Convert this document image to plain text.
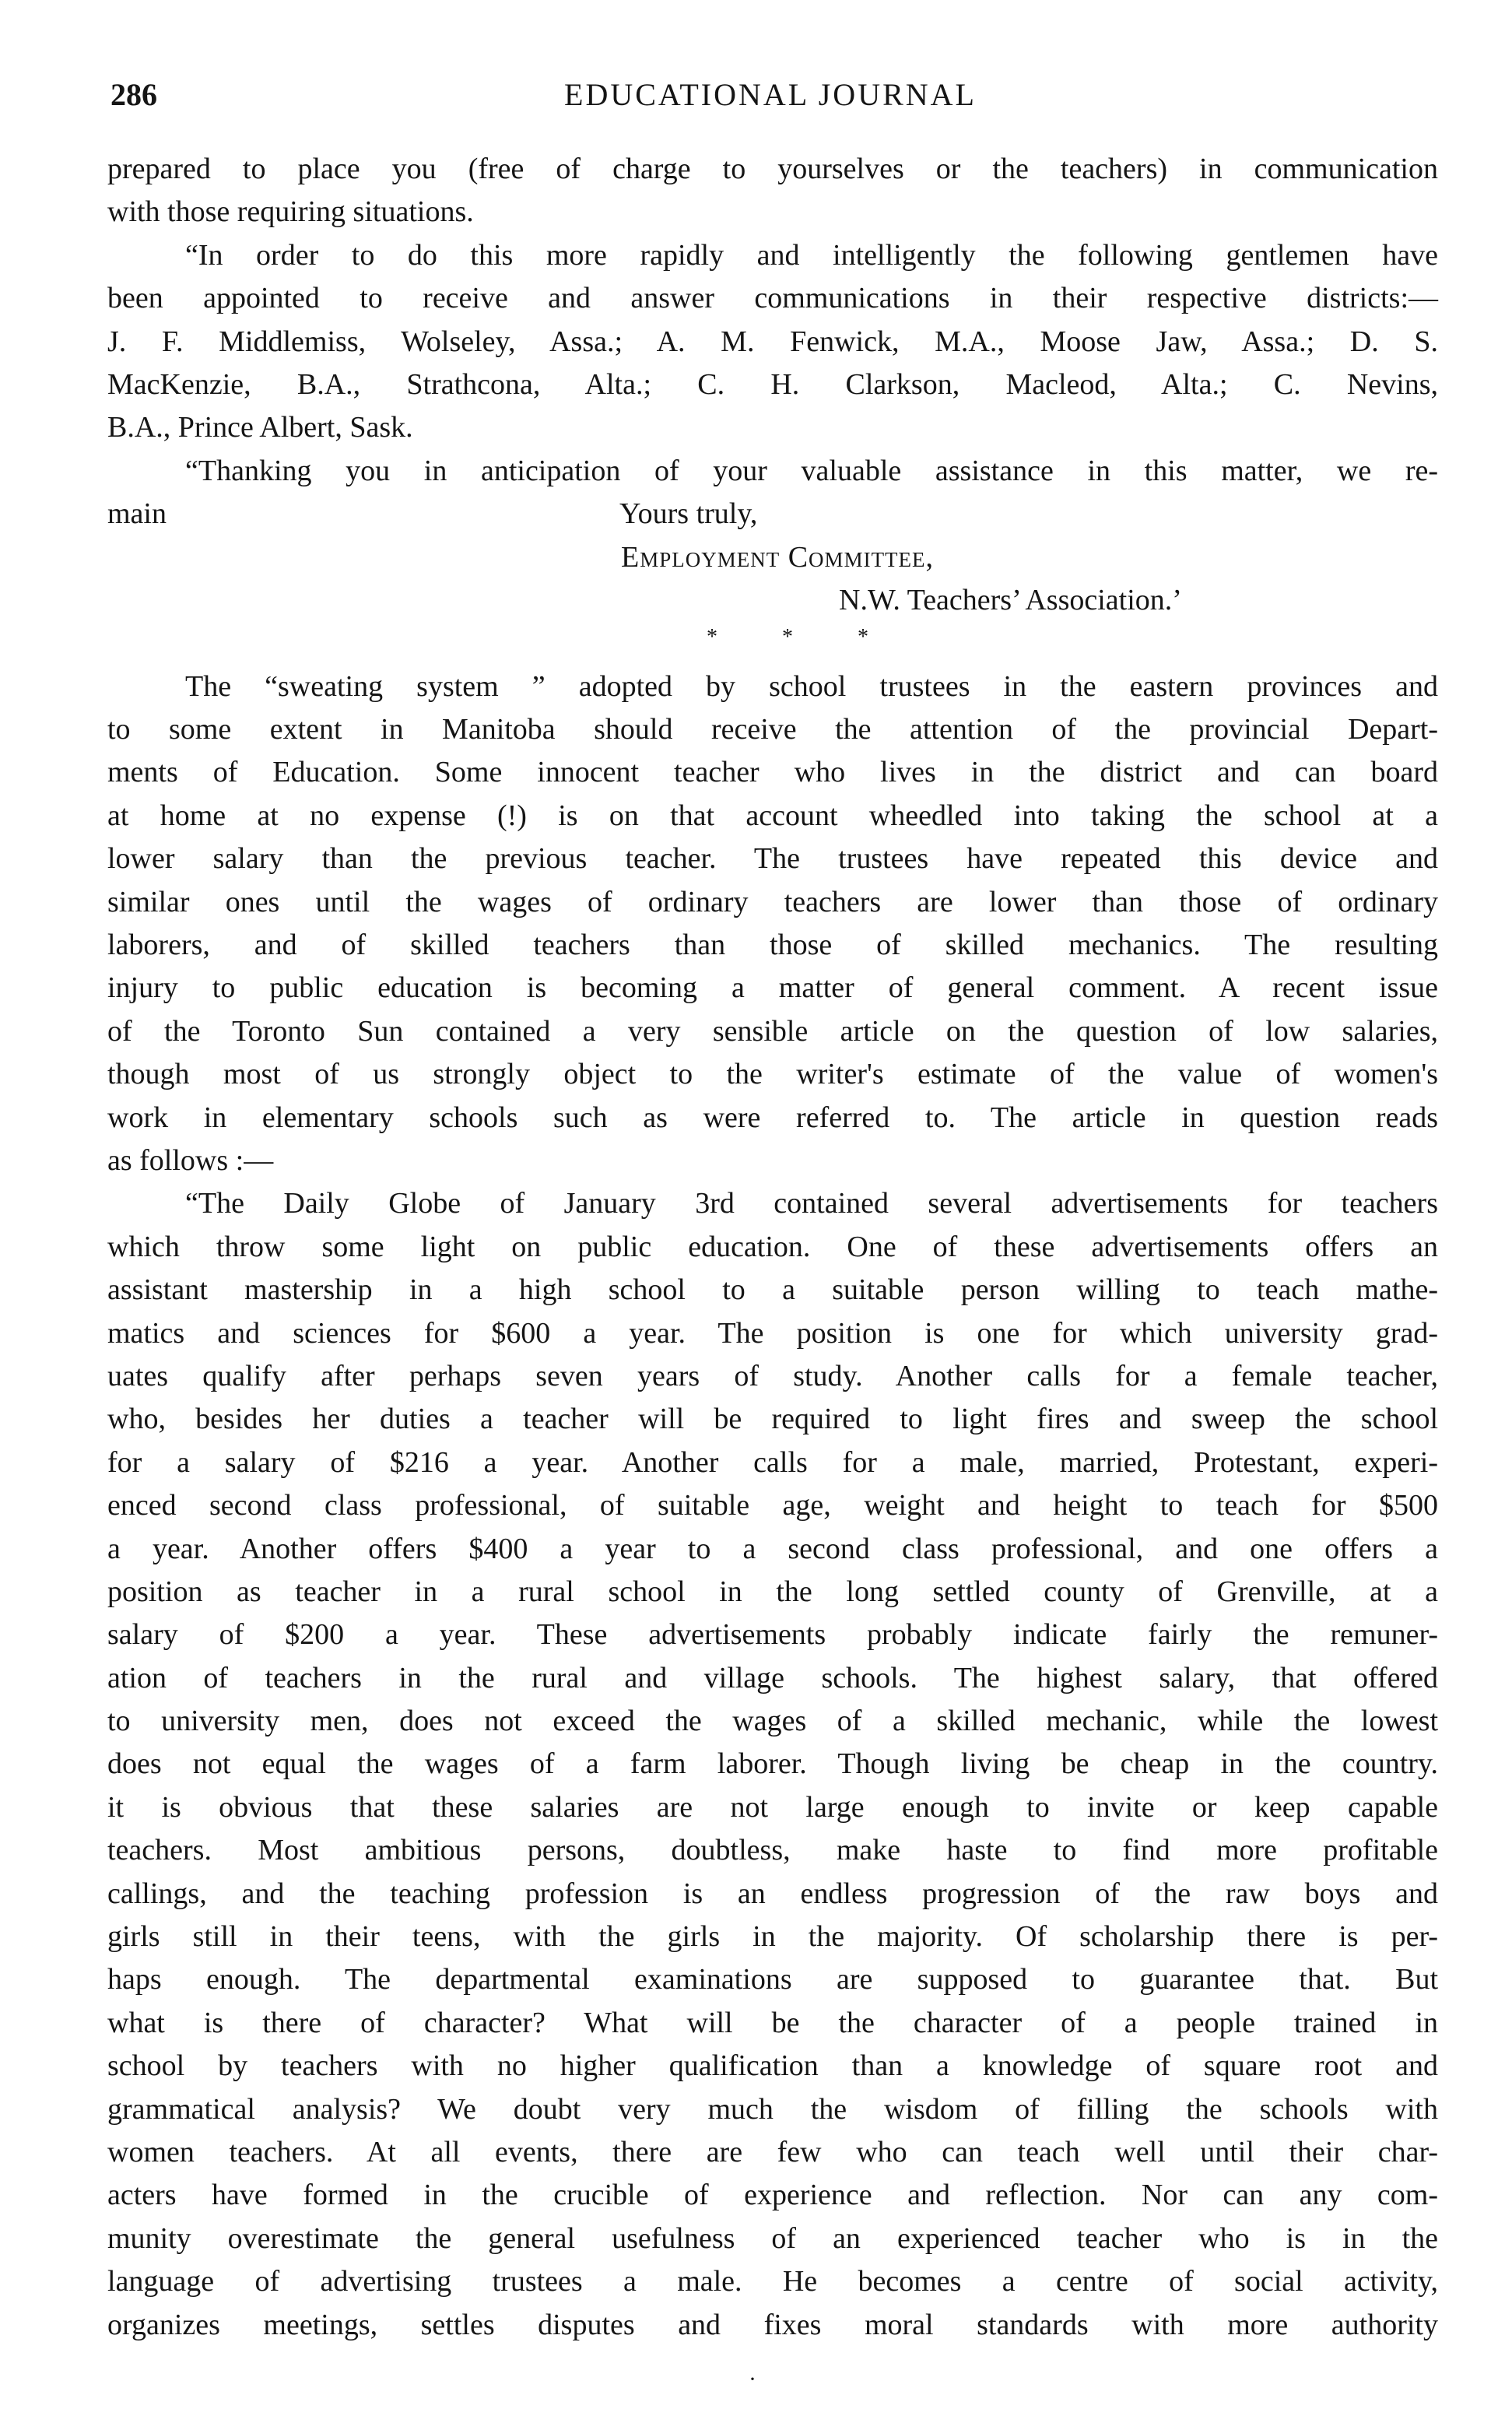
286	EDUCATIONAL JOURNAL
prepared to place you (free of charge to yourselves or the teachers) in communication
with those requiring situations.
“In order to do this more rapidly and intelligently the following gentlemen have
been appointed to receive and answer communications in their respective districts:—
J. F. Middlemiss, Wolseley, Assa.; A. M. Fenwick, M.A., Moose Jaw, Assa.; D. S.
MacKenzie, B.A., Strathcona, Alta.; C. H. Clarkson, Macleod, Alta.; C. Nevins,
B.A., Prince Albert, Sask.
“Thanking you in anticipation of your valuable assistance in this matter, we re-
main	Yours truly,
Employment Committee,
N.W. Teachers’ Association.’
* * *
The “sweating system ” adopted by school trustees in the eastern provinces and
to some extent in Manitoba should receive the attention of the provincial Depart-
ments of Education. Some innocent teacher who lives in the district and can board
at home at no expense (!) is on that account wheedled into taking the school at a
lower salary than the previous teacher. The trustees have repeated this device and
similar ones until the wages of ordinary teachers are lower than those of ordinary
laborers, and of skilled teachers than those of skilled mechanics. The resulting
injury to public education is becoming a matter of general comment. A recent issue
of the Toronto Sun contained a very sensible article on the question of low salaries,
though most of us strongly object to the writer's estimate of the value of women's
work in elementary schools such as were referred to. The article in question reads
as follows :—
“The Daily Globe of January 3rd contained several advertisements for teachers
which throw some light on public education. One of these advertisements offers an
assistant mastership in a high school to a suitable person willing to teach mathe-
matics and sciences for $600 a year. The position is one for which university grad-
uates qualify after perhaps seven years of study. Another calls for a female teacher,
who, besides her duties a teacher will be required to light fires and sweep the school
for a salary of $216 a year. Another calls for a male, married, Protestant, experi-
enced second class professional, of suitable age, weight and height to teach for $500
a year. Another offers $400 a year to a second class professional, and one offers a
position as teacher in a rural school in the long settled county of Grenville, at a
salary of $200 a year. These advertisements probably indicate fairly the remuner-
ation of teachers in the rural and village schools. The highest salary, that offered
to university men, does not exceed the wages of a skilled mechanic, while the lowest
does not equal the wages of a farm laborer. Though living be cheap in the country.
it is obvious that these salaries are not large enough to invite or keep capable
teachers. Most ambitious persons, doubtless, make haste to find more profitable
callings, and the teaching profession is an endless progression of the raw boys and
girls still in their teens, with the girls in the majority. Of scholarship there is per-
haps enough. The departmental examinations are supposed to guarantee that. But
what is there of character? What will be the character of a people trained in
school by teachers with no higher qualification than a knowledge of square root and
grammatical analysis? We doubt very much the wisdom of filling the schools with
women teachers. At all events, there are few who can teach well until their char-
acters have formed in the crucible of experience and reflection. Nor can any com-
munity overestimate the general usefulness of an experienced teacher who is in the
language of advertising trustees a male. He becomes a centre of social activity,
organizes meetings, settles disputes and fixes moral standards with more authority
·
